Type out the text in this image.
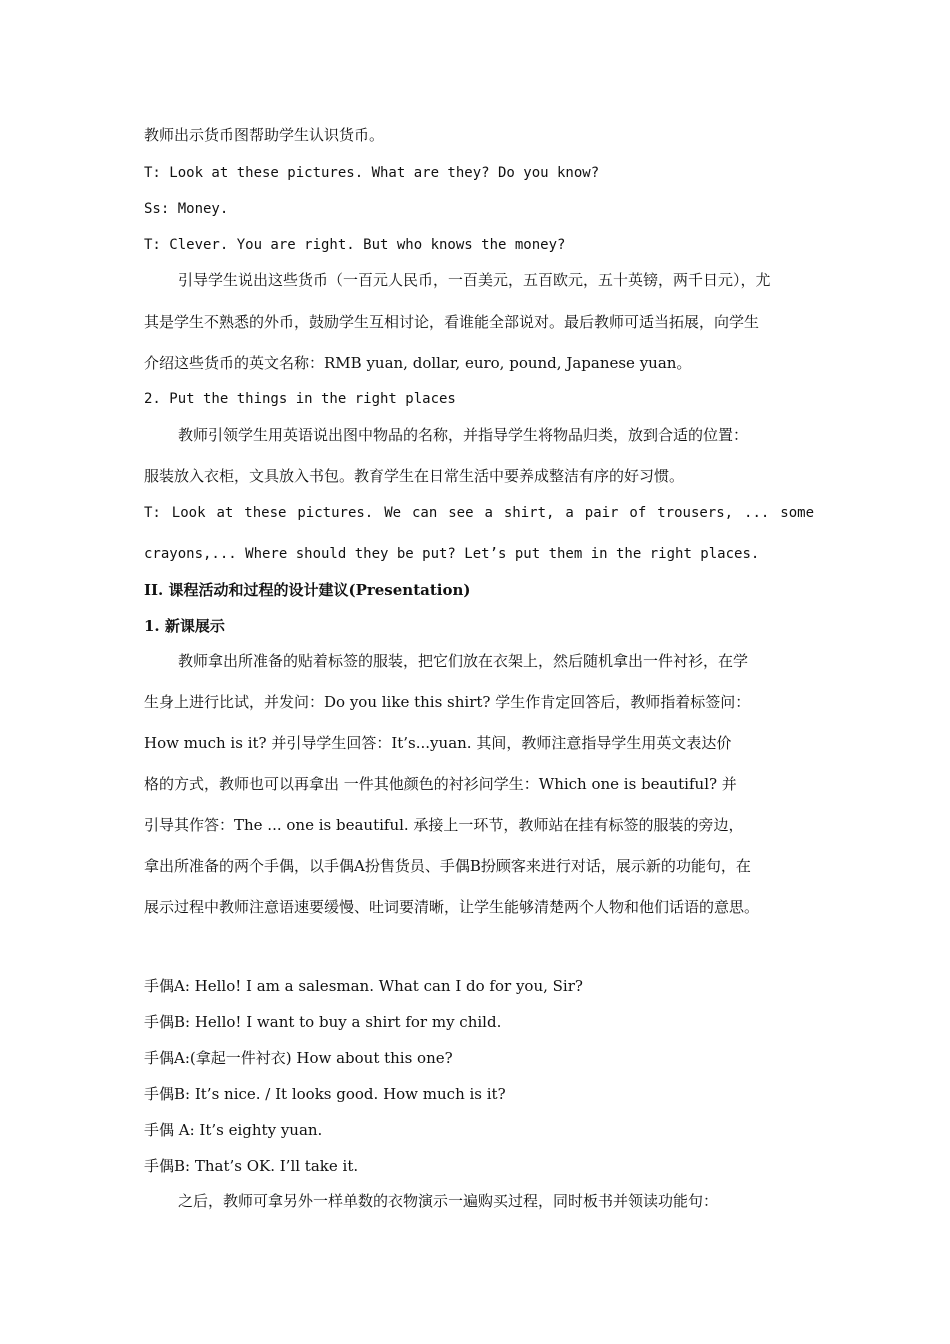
教师出示货币图帮助学生认识货币。
T: Look at these pictures. What are they? Do you know?
Ss: Money.
T: Clever. You are right. But who knows the money?
引导学生说出这些货币（一百元人民币，一百美元，五百欧元，五十英镑，两千日元），尤
其是学生不熟悉的外币，鼓励学生互相讨论，看谁能全部说对。最后教师可适当拓展，向学生
介绍这些货币的英文名称：RMB yuan, dollar, euro, pound, Japanese yuan。
2. Put the things in the right places
教师引领学生用英语说出图中物品的名称，并指导学生将物品归类，放到合适的位置：
服装放入衣柜，文具放入书包。教育学生在日常生活中要养成整洁有序的好习惯。
T: Look at these pictures. We can see a shirt, a pair of trousers, ... some
crayons,... Where should they be put? Let’s put them in the right places.
II. 课程活动和过程的设计建议(Presentation)
1. 新课展示
教师拿出所准备的贴着标签的服装，把它们放在衣架上，然后随机拿出一件衬衫，在学
生身上进行比试，并发问：Do you like this shirt? 学生作肯定回答后，教师指着标签问：
How much is it? 并引导学生回答：It’s...yuan. 其间，教师注意指导学生用英文表达价
格的方式，教师也可以再拿出 一件其他颜色的衬衫问学生：Which one is beautiful? 并
引导其作答：The ... one is beautiful. 承接上一环节，教师站在挂有标签的服装的旁边，
拿出所准备的两个手偶，以手偶A扮售货员、手偶B扮顾客来进行对话，展示新的功能句，在
展示过程中教师注意语速要缓慢、吐词要清晰，让学生能够清楚两个人物和他们话语的意思。
手偶A: Hello! I am a salesman. What can I do for you, Sir?
手偶B: Hello! I want to buy a shirt for my child.
手偶A:(拿起一件衬衣) How about this one?
手偶B: It’s nice. / It looks good. How much is it?
手偶 A: It’s eighty yuan.
手偶B: That’s OK. I’ll take it.
之后，教师可拿另外一样单数的衣物演示一遍购买过程，同时板书并领读功能句：
